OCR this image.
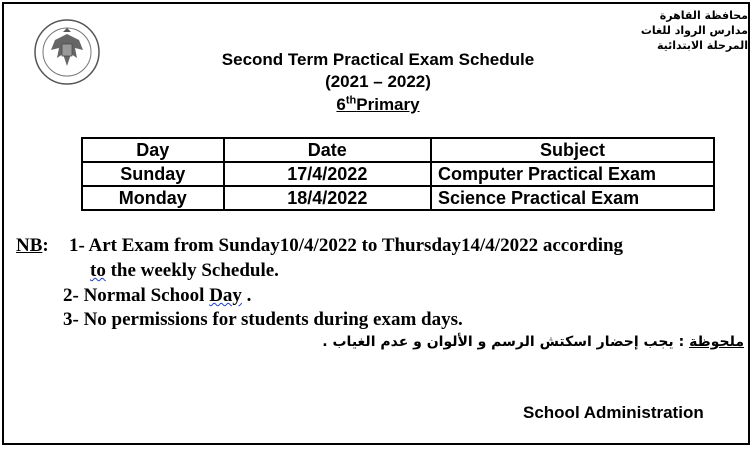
محافظة القاهرة
مدارس الرواد للغات
المرحلة الابتدائية
Second Term Practical Exam Schedule
(2021 – 2022)
6thPrimary
Day	Date	Subject
Sunday	17/4/2022	Computer Practical Exam
Monday	18/4/2022	Science Practical Exam
NB: 1- Art Exam from Sunday10/4/2022 to Thursday14/4/2022 according
to the weekly Schedule.
2- Normal School Day .
3- No permissions for students during exam days.
ملحوظة : يجب إحضار اسكتش الرسم و الألوان و عدم الغياب .
School Administration
